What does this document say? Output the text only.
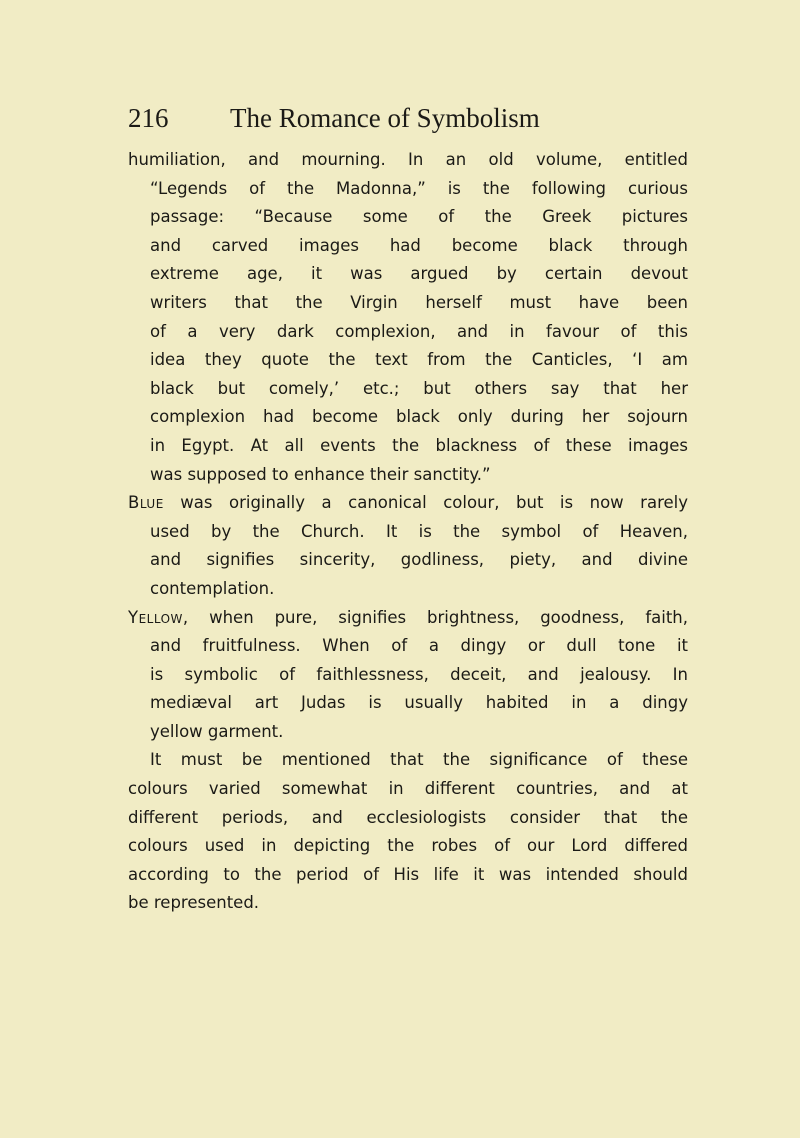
216 The Romance of Symbolism
humiliation, and mourning. In an old volume, entitled
“Legends of the Madonna,” is the following curious
passage: “Because some of the Greek pictures
and carved images had become black through
extreme age, it was argued by certain devout
writers that the Virgin herself must have been
of a very dark complexion, and in favour of this
idea they quote the text from the Canticles, ‘I am
black but comely,’ etc.; but others say that her
complexion had become black only during her sojourn
in Egypt. At all events the blackness of these images
was supposed to enhance their sanctity.”
Blue was originally a canonical colour, but is now rarely
used by the Church. It is the symbol of Heaven,
and signifies sincerity, godliness, piety, and divine
contemplation.
Yellow, when pure, signifies brightness, goodness, faith,
and fruitfulness. When of a dingy or dull tone it
is symbolic of faithlessness, deceit, and jealousy. In
mediæval art Judas is usually habited in a dingy
yellow garment.
It must be mentioned that the significance of these
colours varied somewhat in different countries, and at
different periods, and ecclesiologists consider that the
colours used in depicting the robes of our Lord differed
according to the period of His life it was intended should
be represented.
